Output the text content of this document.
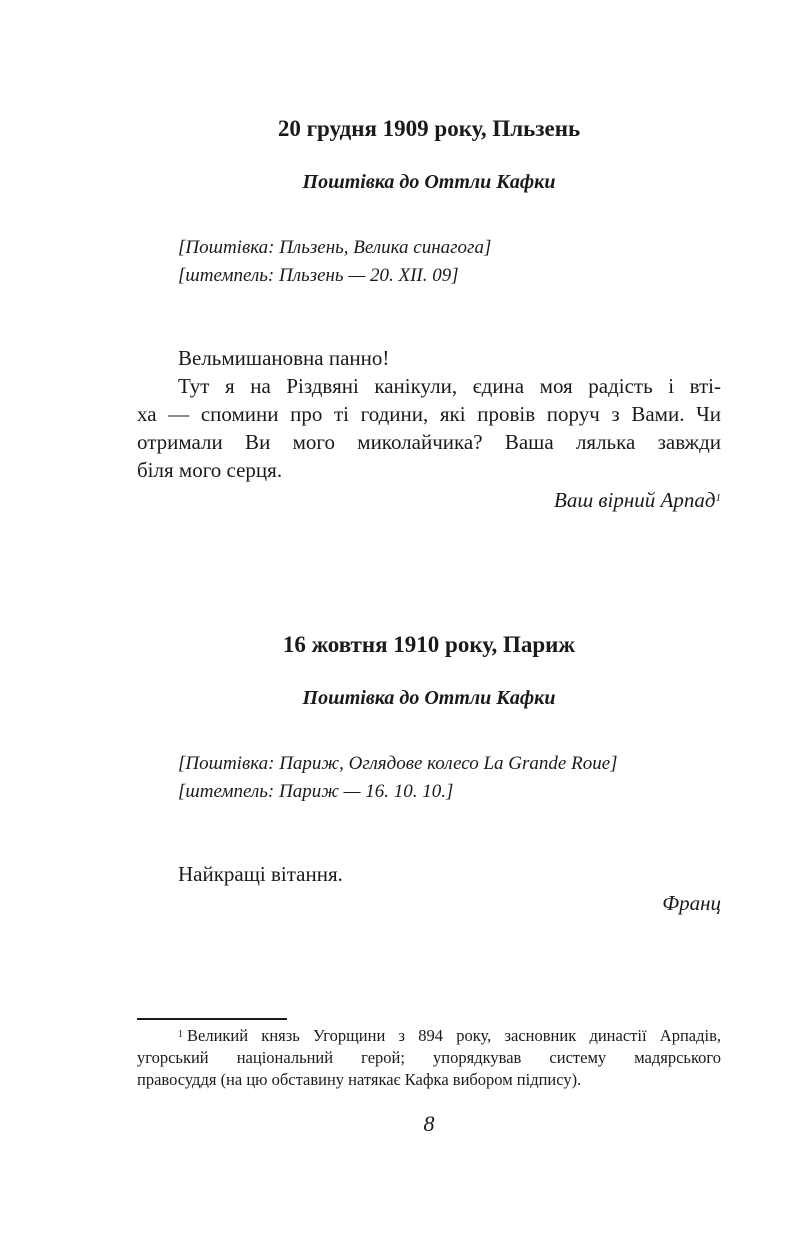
20 грудня 1909 року, Пльзень
Поштівка до Оттли Кафки
[Поштівка: Пльзень, Велика синагога]
[штемпель: Пльзень — 20. XII. 09]
Вельмишановна панно!
Тут я на Різдвяні канікули, єдина моя радість і вті-
ха — спомини про ті години, які провів поруч з Вами. Чи
отримали Ви мого миколайчика? Ваша лялька завжди
біля мого серця.
Ваш вірний Арпад$^1$
16 жовтня 1910 року, Париж
Поштівка до Оттли Кафки
[Поштівка: Париж, Оглядове колесо La Grande Roue]
[штемпель: Париж — 16. 10. 10.]
Найкращі вітання.
Франц
$^1$ Великий князь Угорщини з 894 року, засновник династії Арпадів,
угорський національний герой; упорядкував систему мадярського
правосуддя (на цю обставину натякає Кафка вибором підпису).
8
